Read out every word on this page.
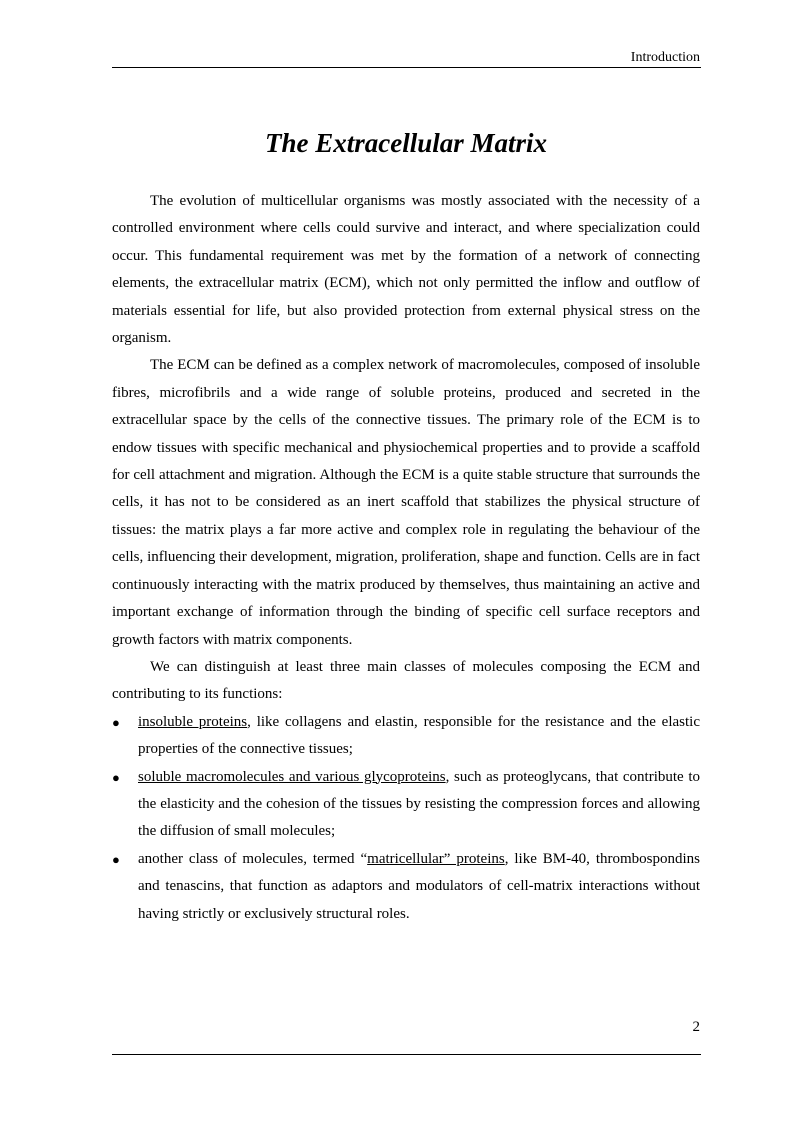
Introduction
The Extracellular Matrix

The evolution of multicellular organisms was mostly associated with the necessity of a controlled environment where cells could survive and interact, and where specialization could occur. This fundamental requirement was met by the formation of a network of connecting elements, the extracellular matrix (ECM), which not only permitted the inflow and outflow of materials essential for life, but also provided protection from external physical stress on the organism.

The ECM can be defined as a complex network of macromolecules, composed of insoluble fibres, microfibrils and a wide range of soluble proteins, produced and secreted in the extracellular space by the cells of the connective tissues. The primary role of the ECM is to endow tissues with specific mechanical and physiochemical properties and to provide a scaffold for cell attachment and migration. Although the ECM is a quite stable structure that surrounds the cells, it has not to be considered as an inert scaffold that stabilizes the physical structure of tissues: the matrix plays a far more active and complex role in regulating the behaviour of the cells, influencing their development, migration, proliferation, shape and function. Cells are in fact continuously interacting with the matrix produced by themselves, thus maintaining an active and important exchange of information through the binding of specific cell surface receptors and growth factors with matrix components.

We can distinguish at least three main classes of molecules composing the ECM and contributing to its functions:

● insoluble proteins, like collagens and elastin, responsible for the resistance and the elastic properties of the connective tissues;
● soluble macromolecules and various glycoproteins, such as proteoglycans, that contribute to the elasticity and the cohesion of the tissues by resisting the compression forces and allowing the diffusion of small molecules;
● another class of molecules, termed “matricellular” proteins, like BM-40, thrombospondins and tenascins, that function as adaptors and modulators of cell-matrix interactions without having strictly or exclusively structural roles.
2
